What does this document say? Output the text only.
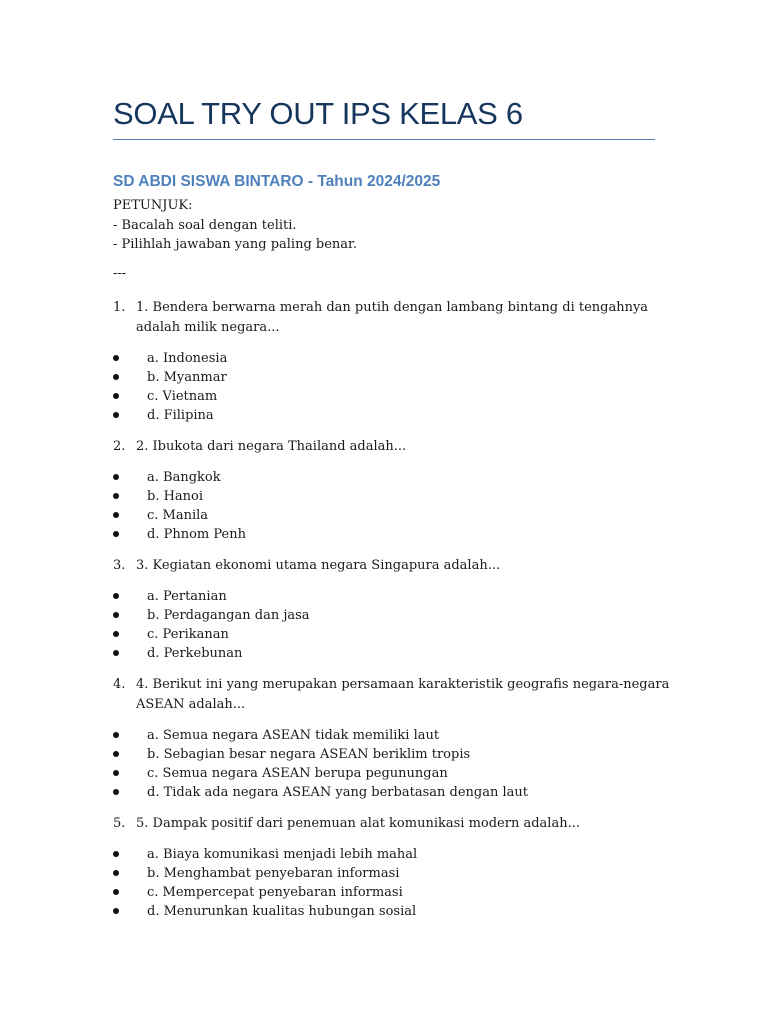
SOAL TRY OUT IPS KELAS 6
SD ABDI SISWA BINTARO - Tahun 2024/2025
PETUNJUK:
- Bacalah soal dengan teliti.
- Pilihlah jawaban yang paling benar.
---

1. 1. Bendera berwarna merah dan putih dengan lambang bintang di tengahnya adalah milik negara...

a. Indonesia
b. Myanmar
c. Vietnam
d. Filipina

2. 2. Ibukota dari negara Thailand adalah...

a. Bangkok
b. Hanoi
c. Manila
d. Phnom Penh

3. 3. Kegiatan ekonomi utama negara Singapura adalah...

a. Pertanian
b. Perdagangan dan jasa
c. Perikanan
d. Perkebunan

4. 4. Berikut ini yang merupakan persamaan karakteristik geografis negara-negara ASEAN adalah...

a. Semua negara ASEAN tidak memiliki laut
b. Sebagian besar negara ASEAN beriklim tropis
c. Semua negara ASEAN berupa pegunungan
d. Tidak ada negara ASEAN yang berbatasan dengan laut

5. 5. Dampak positif dari penemuan alat komunikasi modern adalah...

a. Biaya komunikasi menjadi lebih mahal
b. Menghambat penyebaran informasi
c. Mempercepat penyebaran informasi
d. Menurunkan kualitas hubungan sosial
